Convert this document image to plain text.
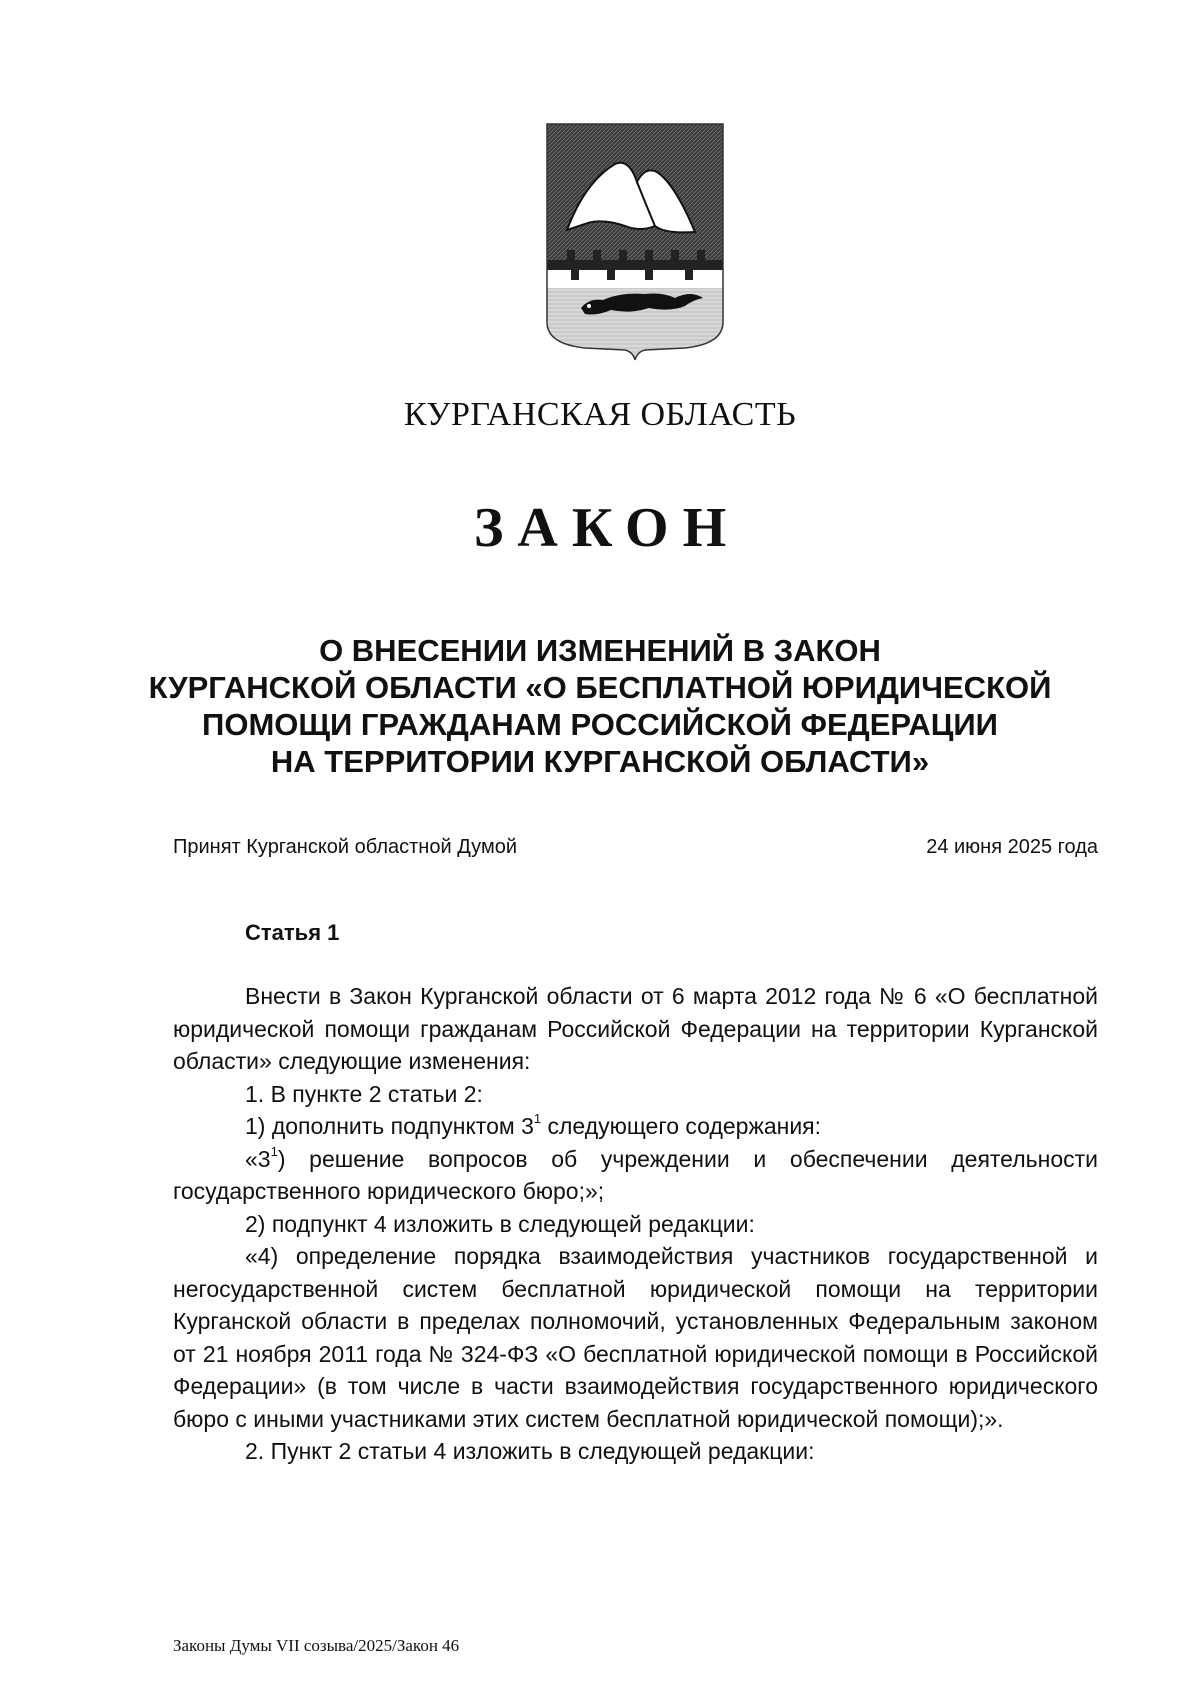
КУРГАНСКАЯ ОБЛАСТЬ
ЗАКОН
О ВНЕСЕНИИ ИЗМЕНЕНИЙ В ЗАКОН
КУРГАНСКОЙ ОБЛАСТИ «О БЕСПЛАТНОЙ ЮРИДИЧЕСКОЙ
ПОМОЩИ ГРАЖДАНАМ РОССИЙСКОЙ ФЕДЕРАЦИИ
НА ТЕРРИТОРИИ КУРГАНСКОЙ ОБЛАСТИ»
Принят Курганской областной Думой	24 июня 2025 года
Статья 1

Внести в Закон Курганской области от 6 марта 2012 года № 6 «О бесплатной юридической помощи гражданам Российской Федерации на территории Курганской области» следующие изменения:

1. В пункте 2 статьи 2:

1) дополнить подпунктом $3^1$ следующего содержания:

«$3^1$) решение вопросов об учреждении и обеспечении деятельности государственного юридического бюро;»;

2) подпункт 4 изложить в следующей редакции:

«4) определение порядка взаимодействия участников государственной и негосударственной систем бесплатной юридической помощи на территории Курганской области в пределах полномочий, установленных Федеральным законом от 21 ноября 2011 года № 324-ФЗ «О бесплатной юридической помощи в Российской Федерации» (в том числе в части взаимодействия государственного юридического бюро с иными участниками этих систем бесплатной юридической помощи);».

2. Пункт 2 статьи 4 изложить в следующей редакции:

Законы Думы VII созыва/2025/Закон 46
